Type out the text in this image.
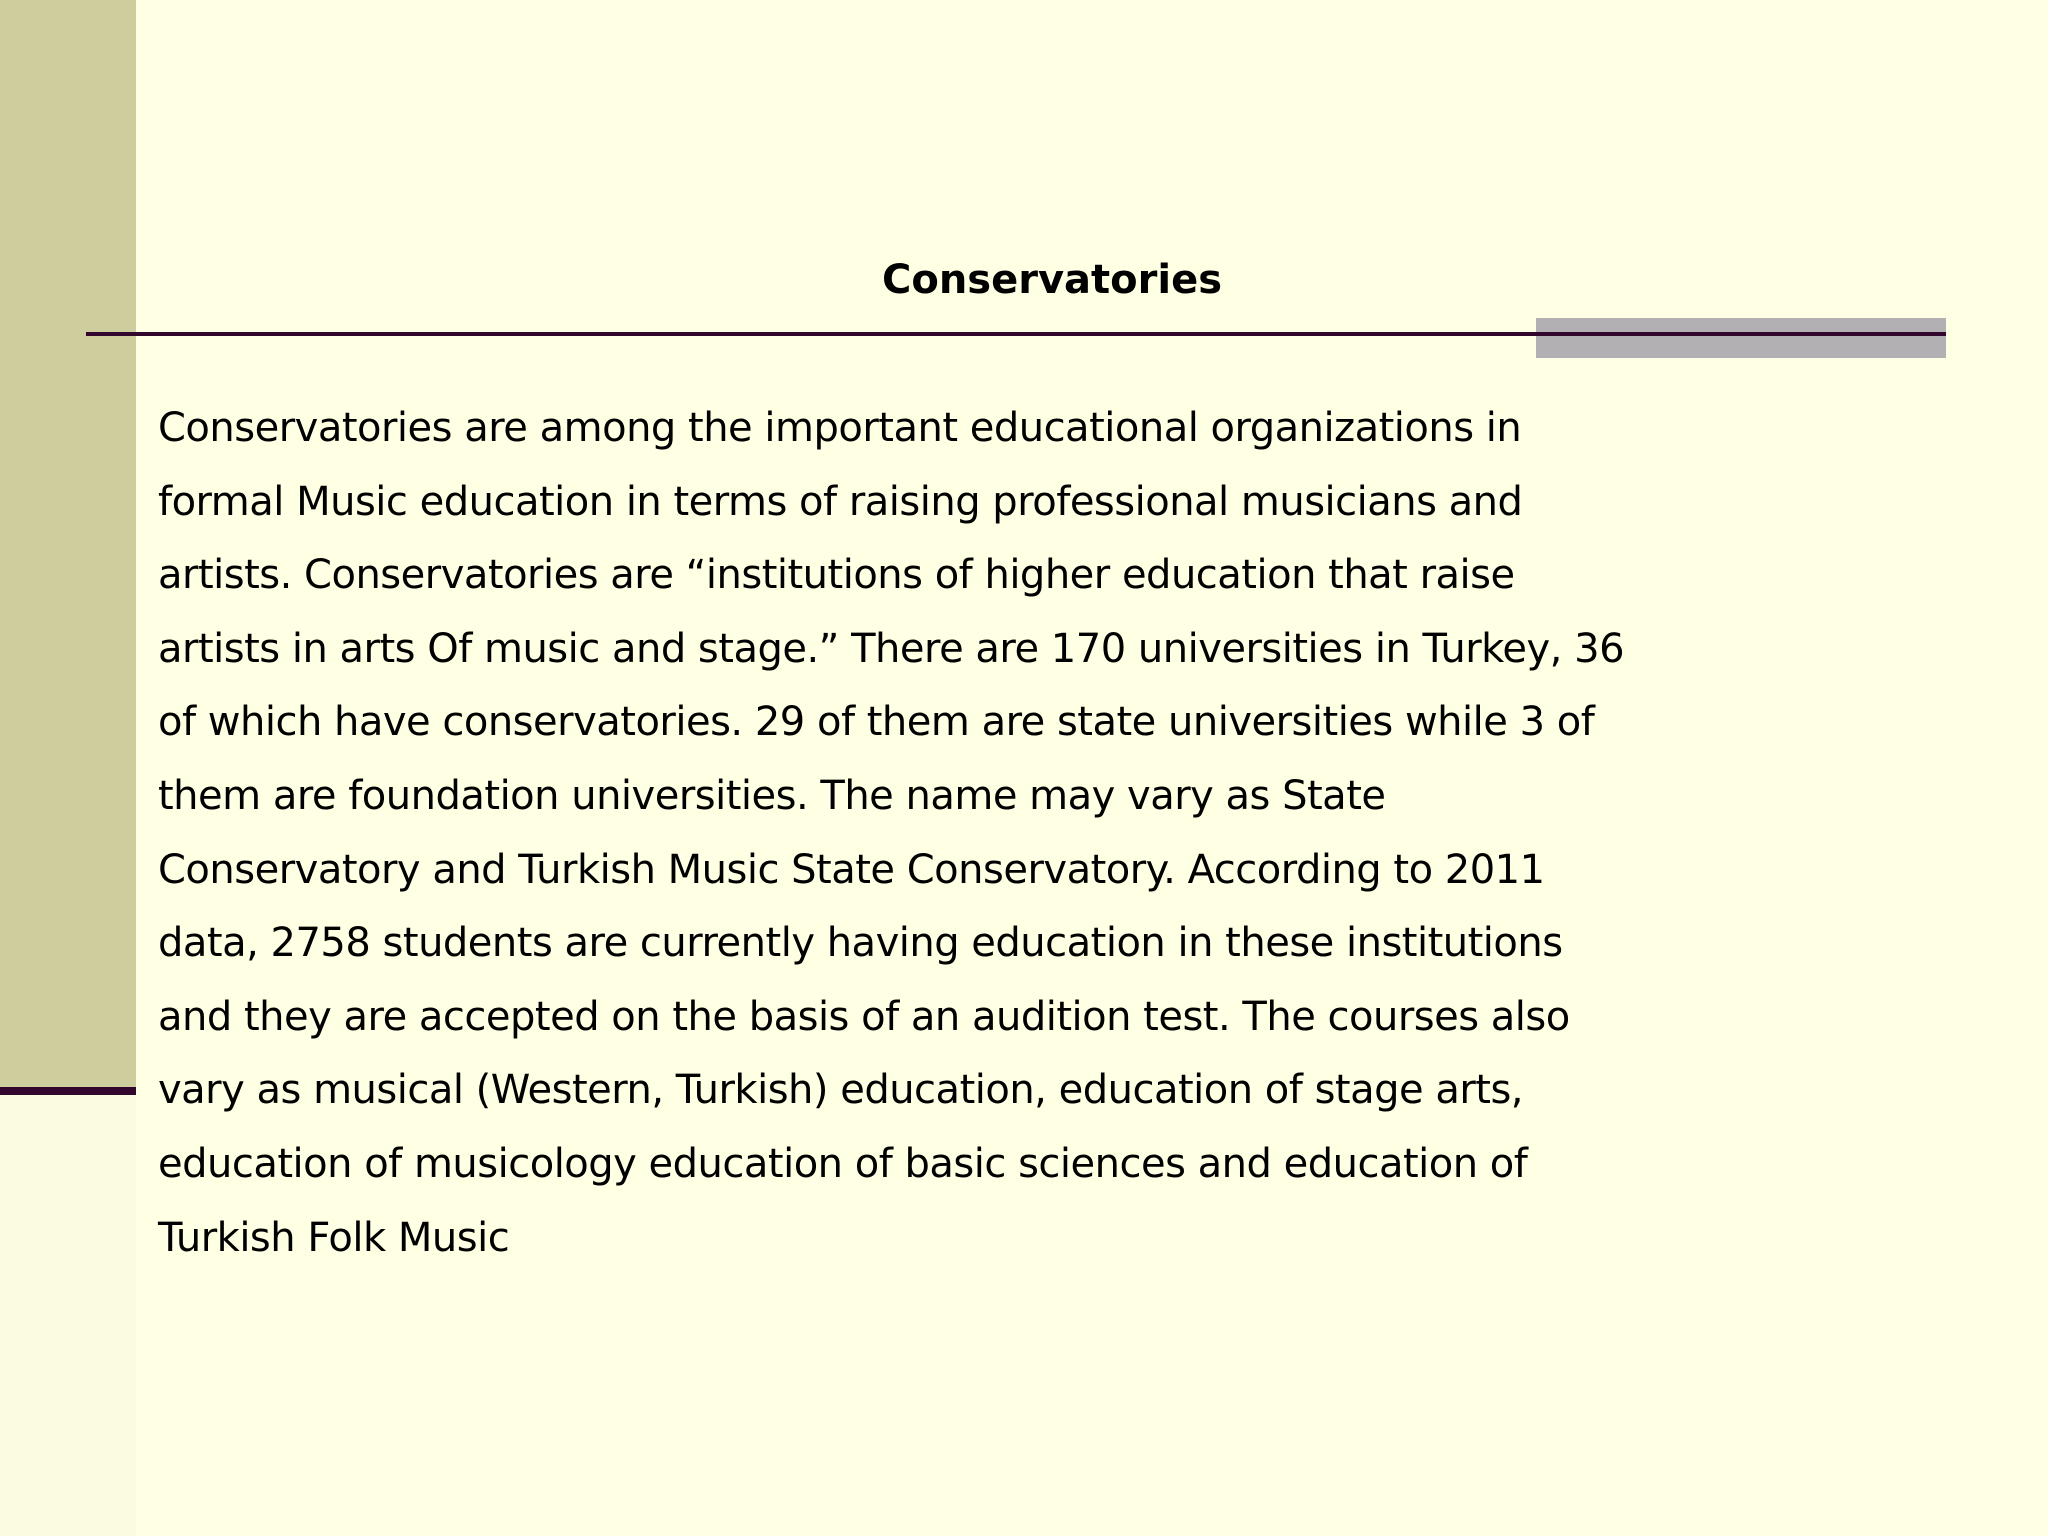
Conservatories

Conservatories are among the important educational organizations in formal Music education in terms of raising professional musicians and artists. Conservatories are “institutions of higher education that raise artists in arts Of music and stage.” There are 170 universities in Turkey, 36 of which have conservatories. 29 of them are state universities while 3 of them are foundation universities. The name may vary as State Conservatory and Turkish Music State Conservatory. According to 2011 data, 2758 students are currently having education in these institutions and they are accepted on the basis of an audition test. The courses also vary as musical (Western, Turkish) education, education of stage arts, education of musicology education of basic sciences and education of Turkish Folk Music
